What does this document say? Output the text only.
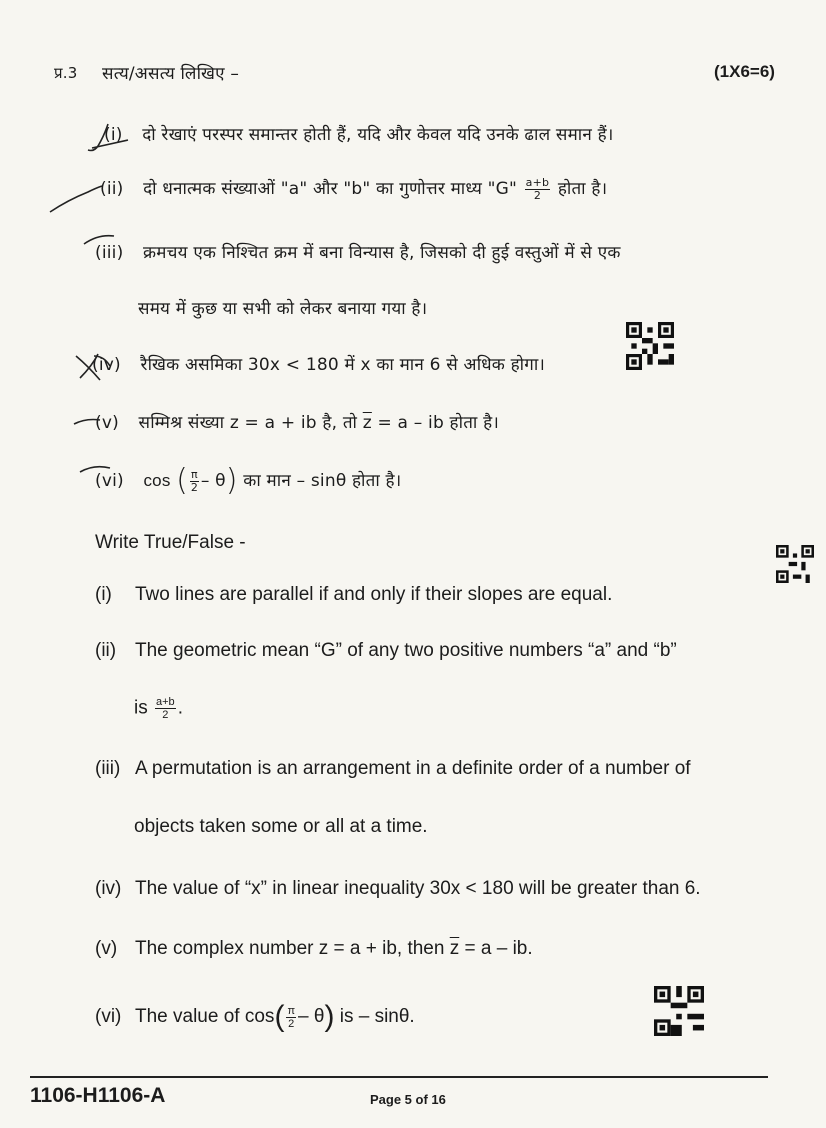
प्र.3 सत्य/असत्य लिखिए –	(1X6=6)
(i) दो रेखाएं परस्पर समान्तर होती हैं, यदि और केवल यदि उनके ढाल समान हैं।
(ii) दो धनात्मक संख्याओं "a" और "b" का गुणोत्तर माध्य "G" $\frac{a+b}{2}$ होता है।
(iii) क्रमचय एक निश्चित क्रम में बना विन्यास है, जिसको दी हुई वस्तुओं में से एक
समय में कुछ या सभी को लेकर बनाया गया है।
(iv) रैखिक असमिका 30x < 180 में x का मान 6 से अधिक होगा।
(v) सम्मिश्र संख्या z = a + ib है, तो $\overline{z} = a$ – ib होता है।
(vi) cos ( $\frac{\pi}{2} - \theta$) का मान – sinθ होता है।
Write True/False -
(i) Two lines are parallel if and only if their slopes are equal.
(ii) The geometric mean “G” of any two positive numbers “a” and “b”
is $\frac{a+b}{2}$ .
(iii) A permutation is an arrangement in a definite order of a number of
objects taken some or all at a time.
(iv) The value of “x” in linear inequality 30x < 180 will be greater than 6.
(v) The complex number z = a + ib, then $\overline{z} = a$ – ib.
(vi) The value of $\cos( \frac{\pi}{2} - \theta)$ is – sinθ.
1106-H1106-A	Page 5 of 16
